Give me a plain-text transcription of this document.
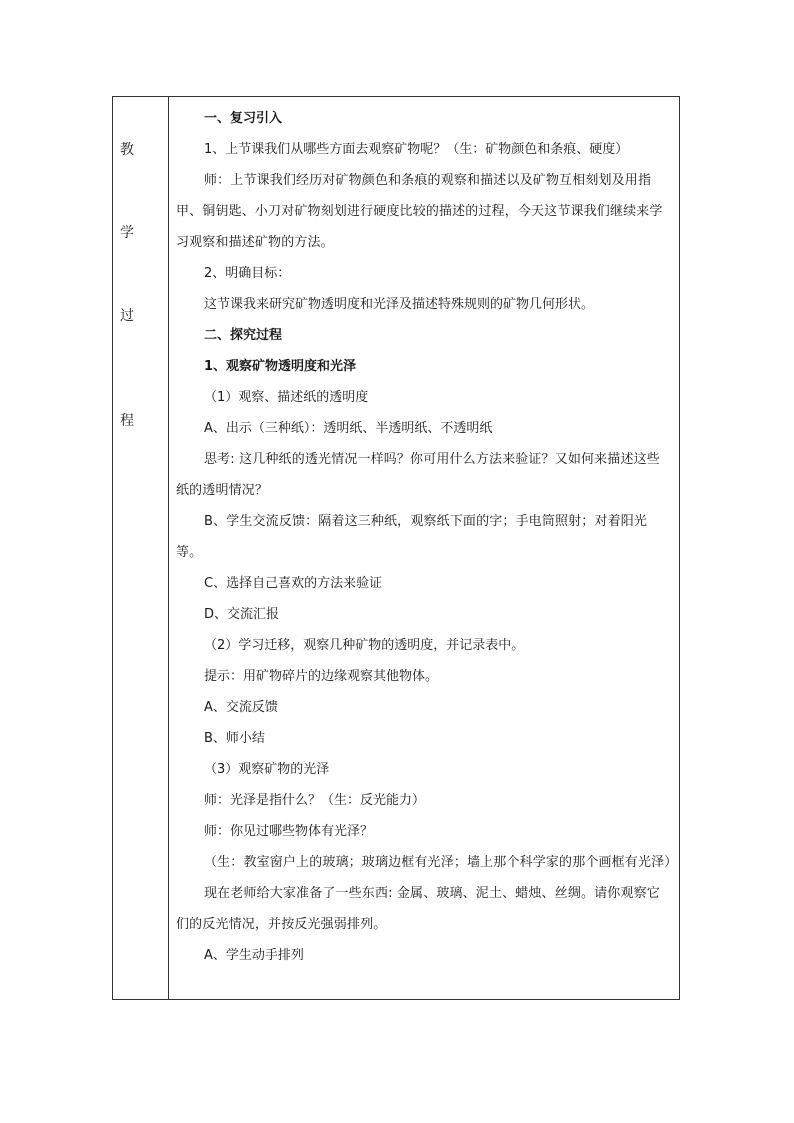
教
学
过
程

一、复习引入

1、上节课我们从哪些方面去观察矿物呢？（生：矿物颜色和条痕、硬度）

师：上节课我们经历对矿物颜色和条痕的观察和描述以及矿物互相刻划及用指甲、铜钥匙、小刀对矿物刻划进行硬度比较的描述的过程，今天这节课我们继续来学习观察和描述矿物的方法。

2、明确目标：

这节课我来研究矿物透明度和光泽及描述特殊规则的矿物几何形状。

二、探究过程

1、观察矿物透明度和光泽

（1）观察、描述纸的透明度

A、出示（三种纸）：透明纸、半透明纸、不透明纸

思考: 这几种纸的透光情况一样吗？你可用什么方法来验证？又如何来描述这些纸的透明情况？

B、学生交流反馈：隔着这三种纸，观察纸下面的字；手电筒照射；对着阳光等。

C、选择自己喜欢的方法来验证

D、交流汇报

（2）学习迁移，观察几种矿物的透明度，并记录表中。

提示：用矿物碎片的边缘观察其他物体。

A、交流反馈

B、师小结

（3）观察矿物的光泽

师：光泽是指什么？（生：反光能力）

师：你见过哪些物体有光泽？

（生：教室窗户上的玻璃；玻璃边框有光泽；墙上那个科学家的那个画框有光泽）

现在老师给大家准备了一些东西: 金属、玻璃、泥土、蜡烛、丝绸。请你观察它们的反光情况，并按反光强弱排列。

A、学生动手排列
